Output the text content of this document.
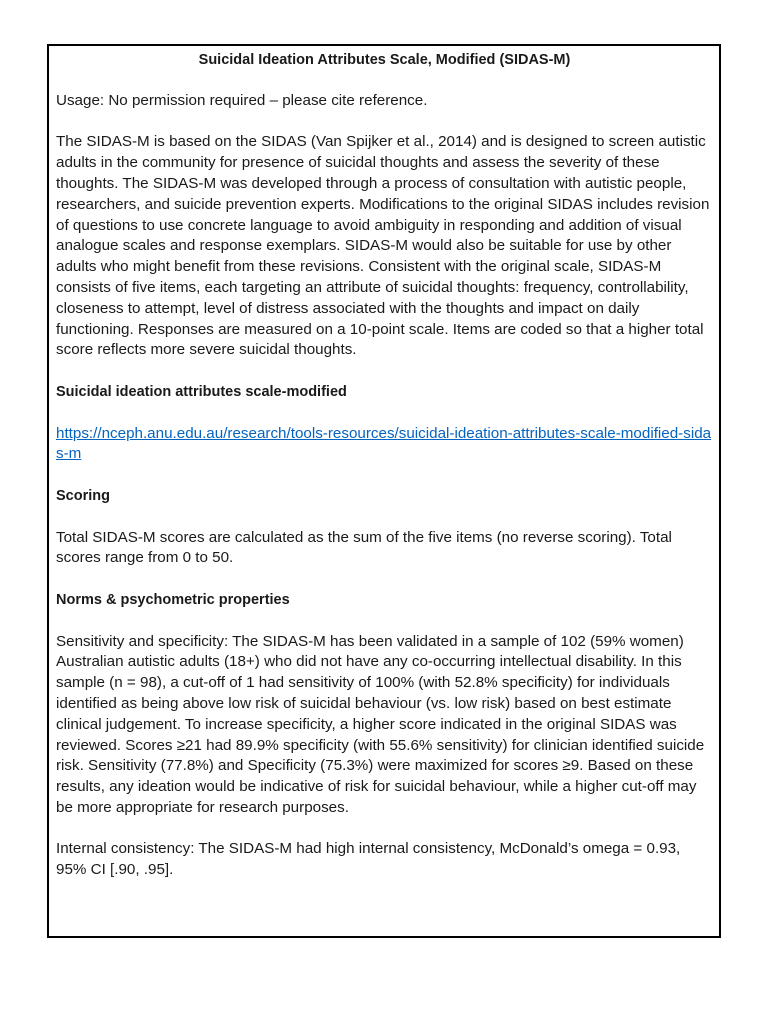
Suicidal Ideation Attributes Scale, Modified (SIDAS-M)

Usage: No permission required – please cite reference.

The SIDAS-M is based on the SIDAS (Van Spijker et al., 2014) and is designed to screen autistic adults in the community for presence of suicidal thoughts and assess the severity of these thoughts. The SIDAS-M was developed through a process of consultation with autistic people, researchers, and suicide prevention experts. Modifications to the original SIDAS includes revision of questions to use concrete language to avoid ambiguity in responding and addition of visual analogue scales and response exemplars. SIDAS-M would also be suitable for use by other adults who might benefit from these revisions. Consistent with the original scale, SIDAS-M consists of five items, each targeting an attribute of suicidal thoughts: frequency, controllability, closeness to attempt, level of distress associated with the thoughts and impact on daily functioning. Responses are measured on a 10-point scale. Items are coded so that a higher total score reflects more severe suicidal thoughts.

Suicidal ideation attributes scale-modified

https://nceph.anu.edu.au/research/tools-resources/suicidal-ideation-attributes-scale-modified-sidas-m

Scoring

Total SIDAS-M scores are calculated as the sum of the five items (no reverse scoring). Total scores range from 0 to 50.

Norms & psychometric properties

Sensitivity and specificity: The SIDAS-M has been validated in a sample of 102 (59% women) Australian autistic adults (18+) who did not have any co-occurring intellectual disability. In this sample (n = 98), a cut-off of 1 had sensitivity of 100% (with 52.8% specificity) for individuals identified as being above low risk of suicidal behaviour (vs. low risk) based on best estimate clinical judgement. To increase specificity, a higher score indicated in the original SIDAS was reviewed. Scores ≥21 had 89.9% specificity (with 55.6% sensitivity) for clinician identified suicide risk. Sensitivity (77.8%) and Specificity (75.3%) were maximized for scores ≥9. Based on these results, any ideation would be indicative of risk for suicidal behaviour, while a higher cut-off may be more appropriate for research purposes.

Internal consistency: The SIDAS-M had high internal consistency, McDonald’s omega = 0.93, 95% CI [.90, .95].
